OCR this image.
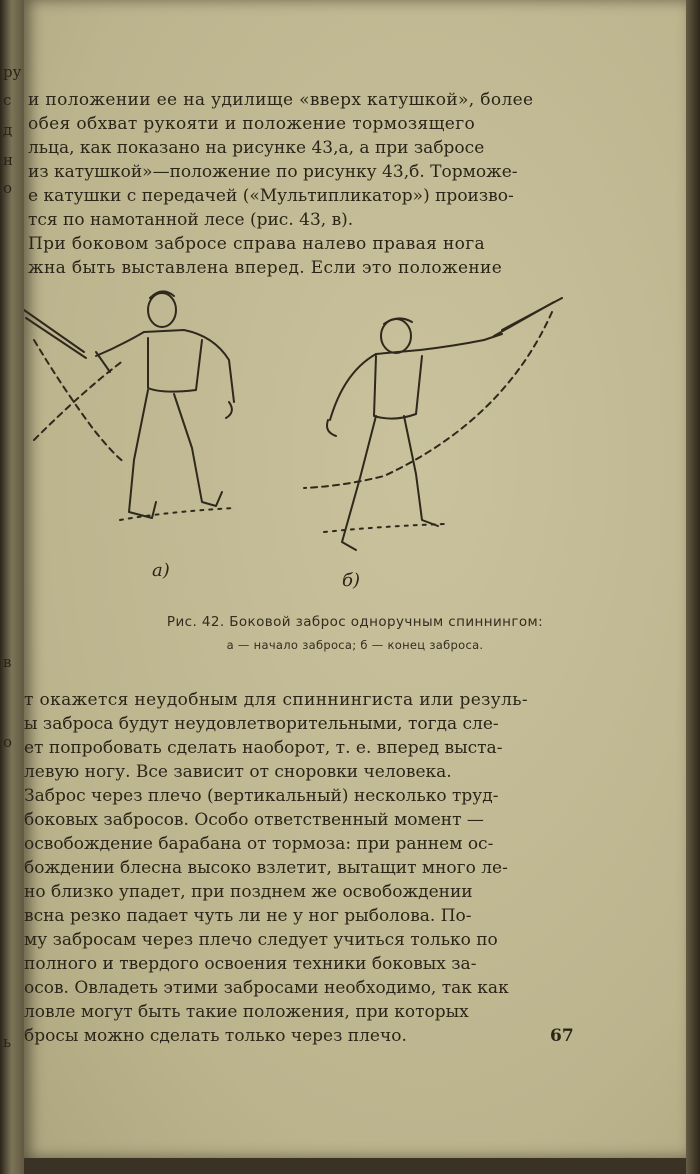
ру
с
д
н
о
в
о
ь
и положении ее на удилище «вверх катушкой», более
обея обхват рукояти и положение тормозящего
льца, как показано на рисунке 43,а, а при забросе
из катушкой»—положение по рисунку 43,б. Торможе-
е катушки с передачей («Мультипликатор») произво-
тся по намотанной лесе (рис. 43, в).
При боковом забросе справа налево правая нога
жна быть выставлена вперед. Если это положение
а)	б)
Рис. 42. Боковой заброс одноручным спиннингом:
а — начало заброса; б — конец заброса.
т окажется неудобным для спиннингиста или резуль-
ы заброса будут неудовлетворительными, тогда сле-
ет попробовать сделать наоборот, т. е. вперед выста-
левую ногу. Все зависит от сноровки человека.
Заброс через плечо (вертикальный) несколько труд-
боковых забросов. Особо ответственный момент —
освобождение барабана от тормоза: при раннем ос-
бождении блесна высоко взлетит, вытащит много ле-
но близко упадет, при позднем же освобождении
всна резко падает чуть ли не у ног рыболова. По-
му забросам через плечо следует учиться только по
полного и твердого освоения техники боковых за-
осов. Овладеть этими забросами необходимо, так как
ловле могут быть такие положения, при которых
бросы можно сделать только через плечо.	67
